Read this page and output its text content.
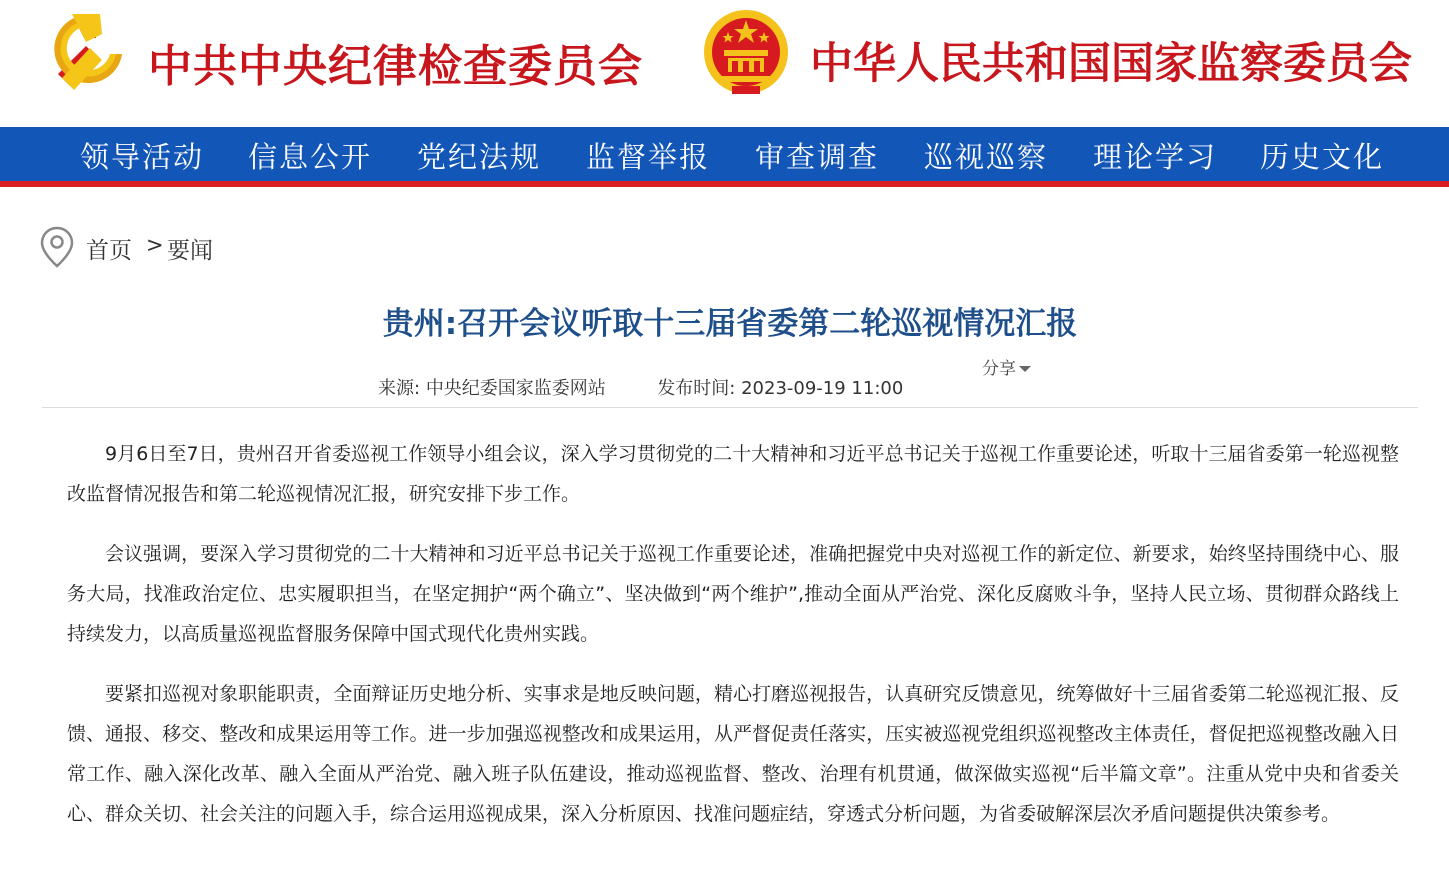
中共中央纪律检查委员会	中华人民共和国国家监察委员会
领导活动 信息公开 党纪法规 监督举报 审查调查 巡视巡察 理论学习 历史文化
首页 > 要闻
贵州:召开会议听取十三届省委第二轮巡视情况汇报
分享
来源: 中央纪委国家监委网站	发布时间: 2023-09-19 11:00

9月6日至7日，贵州召开省委巡视工作领导小组会议，深入学习贯彻党的二十大精神和习近平总书记关于巡视工作重要论述，听取十三届省委第一轮巡视整改监督情况报告和第二轮巡视情况汇报，研究安排下步工作。

会议强调，要深入学习贯彻党的二十大精神和习近平总书记关于巡视工作重要论述，准确把握党中央对巡视工作的新定位、新要求，始终坚持围绕中心、服务大局，找准政治定位、忠实履职担当，在坚定拥护“两个确立”、坚决做到“两个维护”,推动全面从严治党、深化反腐败斗争，坚持人民立场、贯彻群众路线上持续发力，以高质量巡视监督服务保障中国式现代化贵州实践。

要紧扣巡视对象职能职责，全面辩证历史地分析、实事求是地反映问题，精心打磨巡视报告，认真研究反馈意见，统筹做好十三届省委第二轮巡视汇报、反馈、通报、移交、整改和成果运用等工作。进一步加强巡视整改和成果运用，从严督促责任落实，压实被巡视党组织巡视整改主体责任，督促把巡视整改融入日常工作、融入深化改革、融入全面从严治党、融入班子队伍建设，推动巡视监督、整改、治理有机贯通，做深做实巡视“后半篇文章”。注重从党中央和省委关心、群众关切、社会关注的问题入手，综合运用巡视成果，深入分析原因、找准问题症结，穿透式分析问题，为省委破解深层次矛盾问题提供决策参考。
